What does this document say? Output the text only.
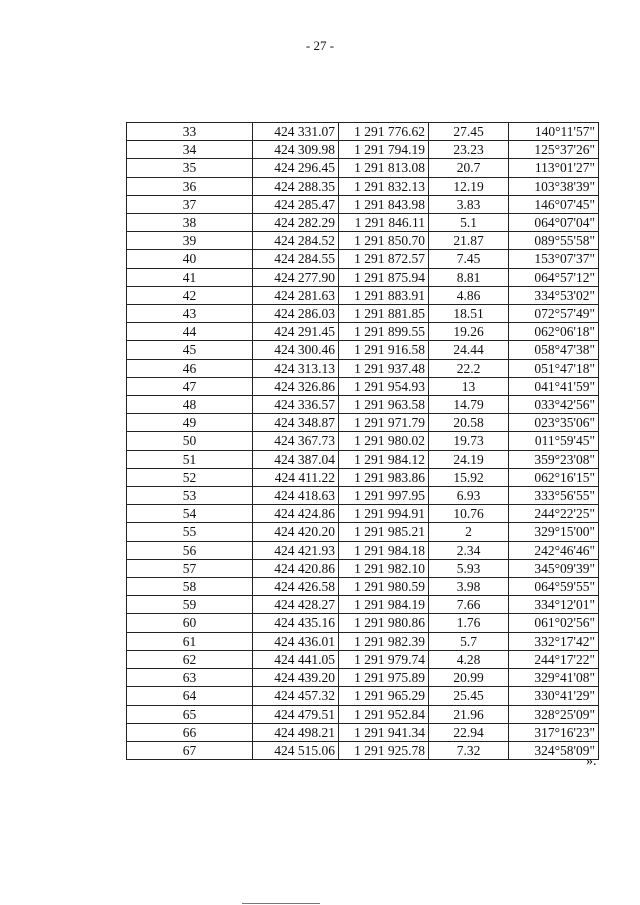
- 27 -
33	424 331.07	1 291 776.62	27.45	140°11'57"
34	424 309.98	1 291 794.19	23.23	125°37'26"
35	424 296.45	1 291 813.08	20.7	113°01'27"
36	424 288.35	1 291 832.13	12.19	103°38'39"
37	424 285.47	1 291 843.98	3.83	146°07'45"
38	424 282.29	1 291 846.11	5.1	064°07'04"
39	424 284.52	1 291 850.70	21.87	089°55'58"
40	424 284.55	1 291 872.57	7.45	153°07'37"
41	424 277.90	1 291 875.94	8.81	064°57'12"
42	424 281.63	1 291 883.91	4.86	334°53'02"
43	424 286.03	1 291 881.85	18.51	072°57'49"
44	424 291.45	1 291 899.55	19.26	062°06'18"
45	424 300.46	1 291 916.58	24.44	058°47'38"
46	424 313.13	1 291 937.48	22.2	051°47'18"
47	424 326.86	1 291 954.93	13	041°41'59"
48	424 336.57	1 291 963.58	14.79	033°42'56"
49	424 348.87	1 291 971.79	20.58	023°35'06"
50	424 367.73	1 291 980.02	19.73	011°59'45"
51	424 387.04	1 291 984.12	24.19	359°23'08"
52	424 411.22	1 291 983.86	15.92	062°16'15"
53	424 418.63	1 291 997.95	6.93	333°56'55"
54	424 424.86	1 291 994.91	10.76	244°22'25"
55	424 420.20	1 291 985.21	2	329°15'00"
56	424 421.93	1 291 984.18	2.34	242°46'46"
57	424 420.86	1 291 982.10	5.93	345°09'39"
58	424 426.58	1 291 980.59	3.98	064°59'55"
59	424 428.27	1 291 984.19	7.66	334°12'01"
60	424 435.16	1 291 980.86	1.76	061°02'56"
61	424 436.01	1 291 982.39	5.7	332°17'42"
62	424 441.05	1 291 979.74	4.28	244°17'22"
63	424 439.20	1 291 975.89	20.99	329°41'08"
64	424 457.32	1 291 965.29	25.45	330°41'29"
65	424 479.51	1 291 952.84	21.96	328°25'09"
66	424 498.21	1 291 941.34	22.94	317°16'23"
67	424 515.06	1 291 925.78	7.32	324°58'09"
».
